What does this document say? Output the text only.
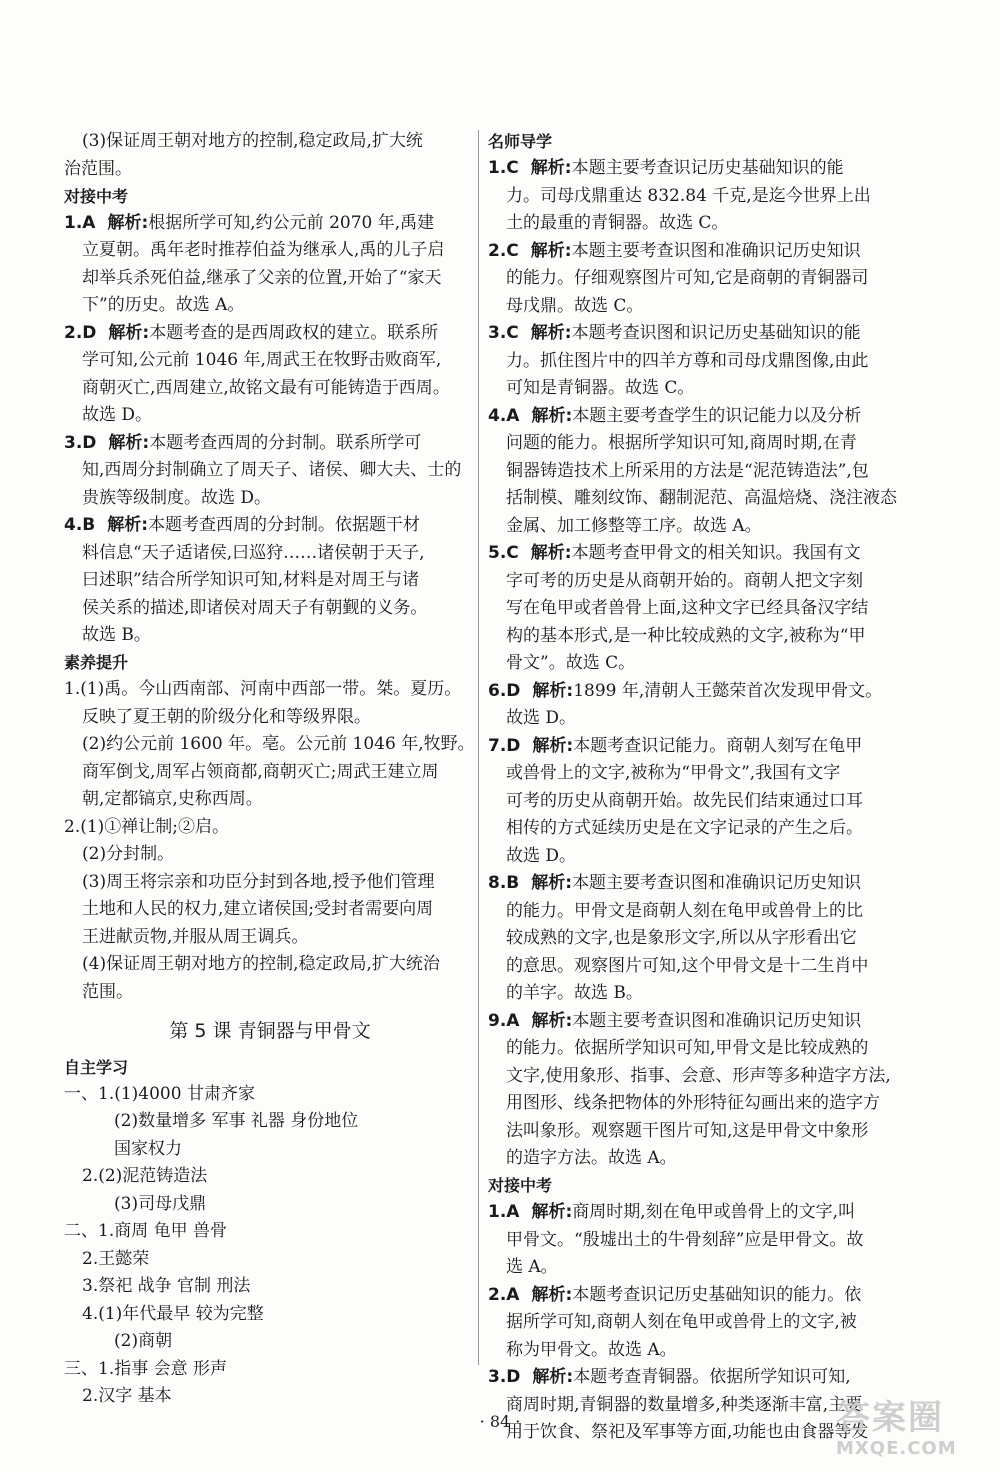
(3)保证周王朝对地方的控制,稳定政局,扩大统

治范围。

对接中考

1.A 解析:根据所学可知,约公元前 2070 年,禹建

立夏朝。禹年老时推荐伯益为继承人,禹的儿子启

却举兵杀死伯益,继承了父亲的位置,开始了“家天

下”的历史。故选 A。

2.D 解析:本题考查的是西周政权的建立。联系所

学可知,公元前 1046 年,周武王在牧野击败商军,

商朝灭亡,西周建立,故铭文最有可能铸造于西周。

故选 D。

3.D 解析:本题考查西周的分封制。联系所学可

知,西周分封制确立了周天子、诸侯、卿大夫、士的

贵族等级制度。故选 D。

4.B 解析:本题考查西周的分封制。依据题干材

料信息“天子适诸侯,曰巡狩……诸侯朝于天子,

曰述职”结合所学知识可知,材料是对周王与诸

侯关系的描述,即诸侯对周天子有朝觐的义务。

故选 B。

素养提升

1.(1)禹。今山西南部、河南中西部一带。桀。夏历。

反映了夏王朝的阶级分化和等级界限。

(2)约公元前 1600 年。亳。公元前 1046 年,牧野。

商军倒戈,周军占领商都,商朝灭亡;周武王建立周

朝,定都镐京,史称西周。

2.(1)①禅让制;②启。

(2)分封制。

(3)周王将宗亲和功臣分封到各地,授予他们管理

土地和人民的权力,建立诸侯国;受封者需要向周

王进献贡物,并服从周王调兵。

(4)保证周王朝对地方的控制,稳定政局,扩大统治

范围。

第 5 课 青铜器与甲骨文

自主学习

一、1.(1)4000 甘肃齐家

(2)数量增多 军事 礼器 身份地位

国家权力

2.(2)泥范铸造法

(3)司母戊鼎

二、1.商周 龟甲 兽骨

2.王懿荣

3.祭祀 战争 官制 刑法

4.(1)年代最早 较为完整

(2)商朝

三、1.指事 会意 形声

2.汉字 基本

名师导学

1.C 解析:本题主要考查识记历史基础知识的能

力。司母戊鼎重达 832.84 千克,是迄今世界上出

土的最重的青铜器。故选 C。

2.C 解析:本题主要考查识图和准确识记历史知识

的能力。仔细观察图片可知,它是商朝的青铜器司

母戊鼎。故选 C。

3.C 解析:本题考查识图和识记历史基础知识的能

力。抓住图片中的四羊方尊和司母戊鼎图像,由此

可知是青铜器。故选 C。

4.A 解析:本题主要考查学生的识记能力以及分析

问题的能力。根据所学知识可知,商周时期,在青

铜器铸造技术上所采用的方法是“泥范铸造法”,包

括制模、雕刻纹饰、翻制泥范、高温焙烧、浇注液态

金属、加工修整等工序。故选 A。

5.C 解析:本题考查甲骨文的相关知识。我国有文

字可考的历史是从商朝开始的。商朝人把文字刻

写在龟甲或者兽骨上面,这种文字已经具备汉字结

构的基本形式,是一种比较成熟的文字,被称为“甲

骨文”。故选 C。

6.D 解析:1899 年,清朝人王懿荣首次发现甲骨文。

故选 D。

7.D 解析:本题考查识记能力。商朝人刻写在龟甲

或兽骨上的文字,被称为“甲骨文”,我国有文字

可考的历史从商朝开始。故先民们结束通过口耳

相传的方式延续历史是在文字记录的产生之后。

故选 D。

8.B 解析:本题主要考查识图和准确识记历史知识

的能力。甲骨文是商朝人刻在龟甲或兽骨上的比

较成熟的文字,也是象形文字,所以从字形看出它

的意思。观察图片可知,这个甲骨文是十二生肖中

的羊字。故选 B。

9.A 解析:本题主要考查识图和准确识记历史知识

的能力。依据所学知识可知,甲骨文是比较成熟的

文字,使用象形、指事、会意、形声等多种造字方法,

用图形、线条把物体的外形特征勾画出来的造字方

法叫象形。观察题干图片可知,这是甲骨文中象形

的造字方法。故选 A。

对接中考

1.A 解析:商周时期,刻在龟甲或兽骨上的文字,叫

甲骨文。“殷墟出土的牛骨刻辞”应是甲骨文。故

选 A。

2.A 解析:本题考查识记历史基础知识的能力。依

据所学可知,商朝人刻在龟甲或兽骨上的文字,被

称为甲骨文。故选 A。

3.D 解析:本题考查青铜器。依据所学知识可知,

商周时期,青铜器的数量增多,种类逐渐丰富,主要

用于饮食、祭祀及军事等方面,功能也由食器等发

· 84 ·	答案圈
MXQE.COM
